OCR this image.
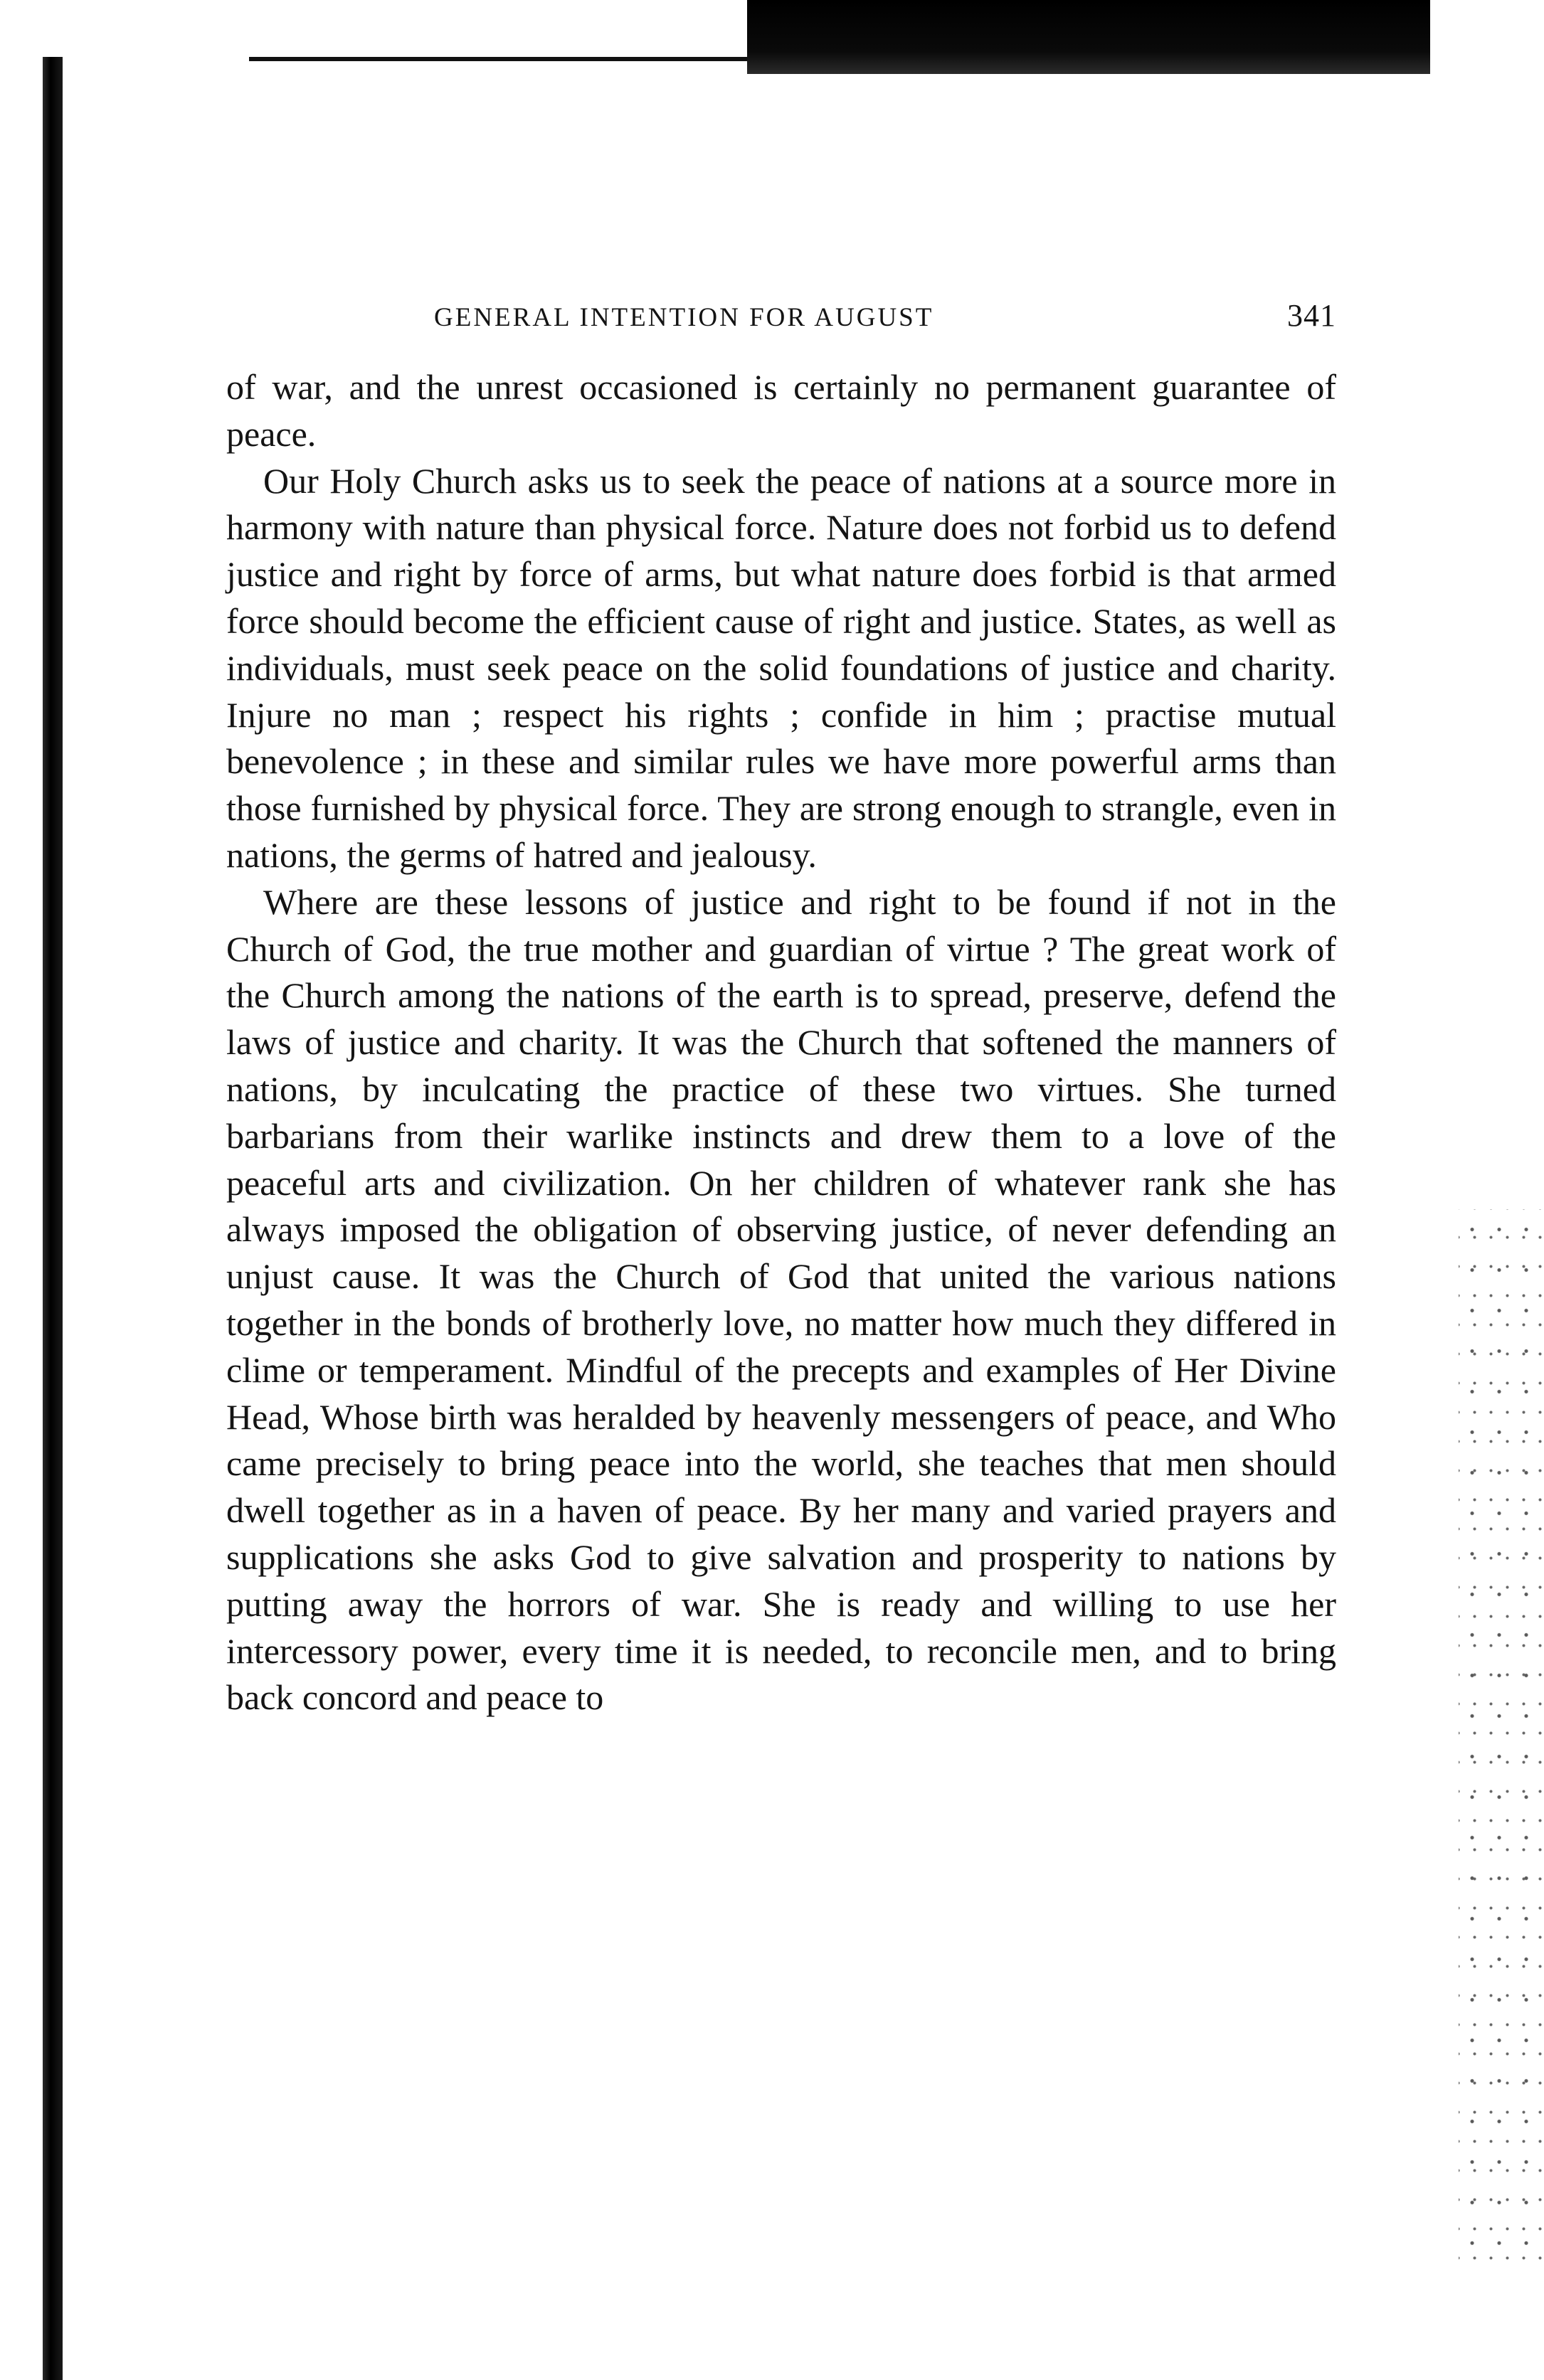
GENERAL INTENTION FOR AUGUST	341

of war, and the unrest occasioned is certainly no permanent guarantee of peace.

Our Holy Church asks us to seek the peace of nations at a source more in harmony with nature than physical force. Nature does not forbid us to defend justice and right by force of arms, but what nature does forbid is that armed force should become the efficient cause of right and justice. States, as well as individuals, must seek peace on the solid foundations of justice and charity. Injure no man ; respect his rights ; confide in him ; practise mutual benevolence ; in these and similar rules we have more powerful arms than those furnished by physical force. They are strong enough to strangle, even in nations, the germs of hatred and jealousy.

Where are these lessons of justice and right to be found if not in the Church of God, the true mother and guardian of virtue ? The great work of the Church among the nations of the earth is to spread, preserve, defend the laws of justice and charity. It was the Church that softened the manners of nations, by inculcating the practice of these two virtues. She turned barbarians from their warlike instincts and drew them to a love of the peaceful arts and civilization. On her children of whatever rank she has always imposed the obligation of observing justice, of never defending an unjust cause. It was the Church of God that united the various nations together in the bonds of brotherly love, no matter how much they differed in clime or temperament. Mindful of the precepts and examples of Her Divine Head, Whose birth was heralded by heavenly messengers of peace, and Who came precisely to bring peace into the world, she teaches that men should dwell together as in a haven of peace. By her many and varied prayers and supplications she asks God to give salvation and prosperity to nations by putting away the horrors of war. She is ready and willing to use her intercessory power, every time it is needed, to reconcile men, and to bring back concord and peace to
